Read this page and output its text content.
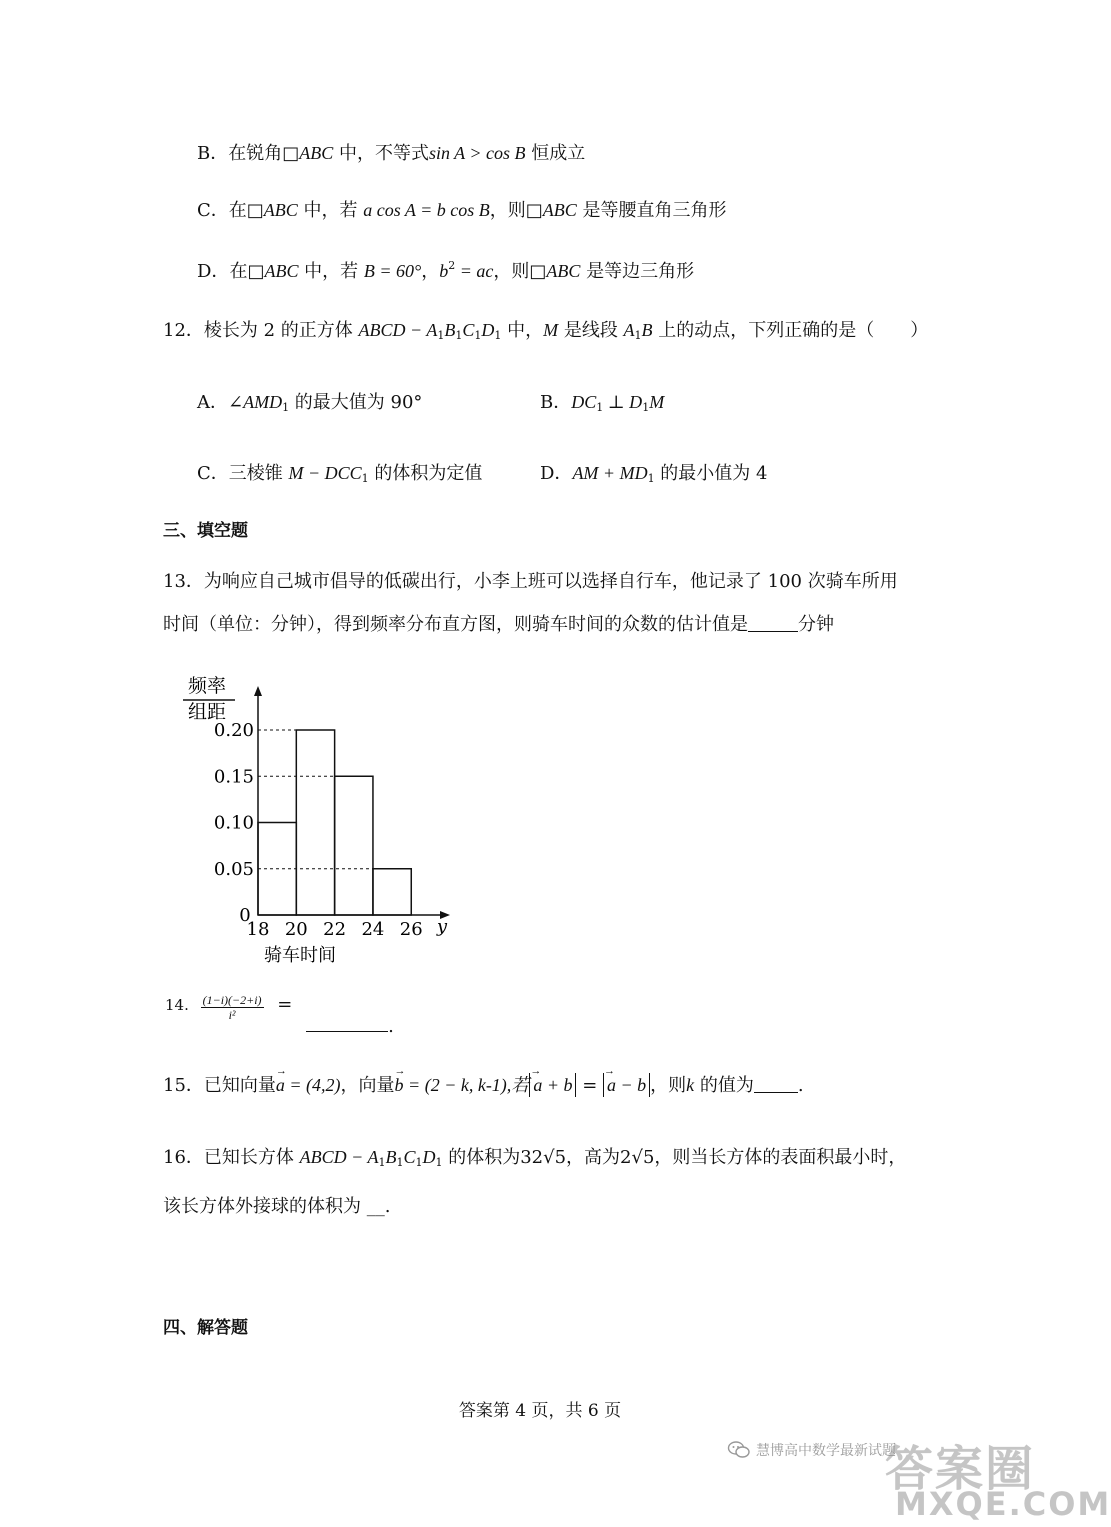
B．在锐角□ABC 中，不等式sin A > cos B 恒成立
C．在□ABC 中，若 a cos A = b cos B，则□ABC 是等腰直角三角形
D．在□ABC 中，若 B = 60°，$b^2$ = ac，则□ABC 是等边三角形
12．棱长为 2 的正方体 ABCD − $A_1B_1C_1D_1$ 中，M 是线段 $A_1B$ 上的动点，下列正确的是（　　）
A．$\angle AMD_1$ 的最大值为 90°	B．$DC_1$ ⊥ $D_1M$
C．三棱锥 $M - DCC_1$ 的体积为定值	D．AM + $MD_1$ 的最小值为 4
三、填空题
13．为响应自己城市倡导的低碳出行，小李上班可以选择自行车，他记录了 100 次骑车所用
时间（单位：分钟），得到频率分布直方图，则骑车时间的众数的估计值是	分钟
频率
组距
0
y
骑车时间
0.20
0.15
0.10
0.05
18 20 22 24 26
$^{14.} \frac{(1-i)(-2+i)}{\text{i²}}$ = .
15．已知向量→ a = (4,2)，向量→ b = (2 − k, k-1),若→ a + b = → a − b ，则k 的值为 .
16．已知长方体 ABCD − $A_1B_1C_1D_1$ 的体积为32√5，高为2√5，则当长方体的表面积最小时，
该长方体外接球的体积为 __.
四、解答题
答案第 4 页，共 6 页
慧博高中数学最新试题
答案圈
MXQE.COM
